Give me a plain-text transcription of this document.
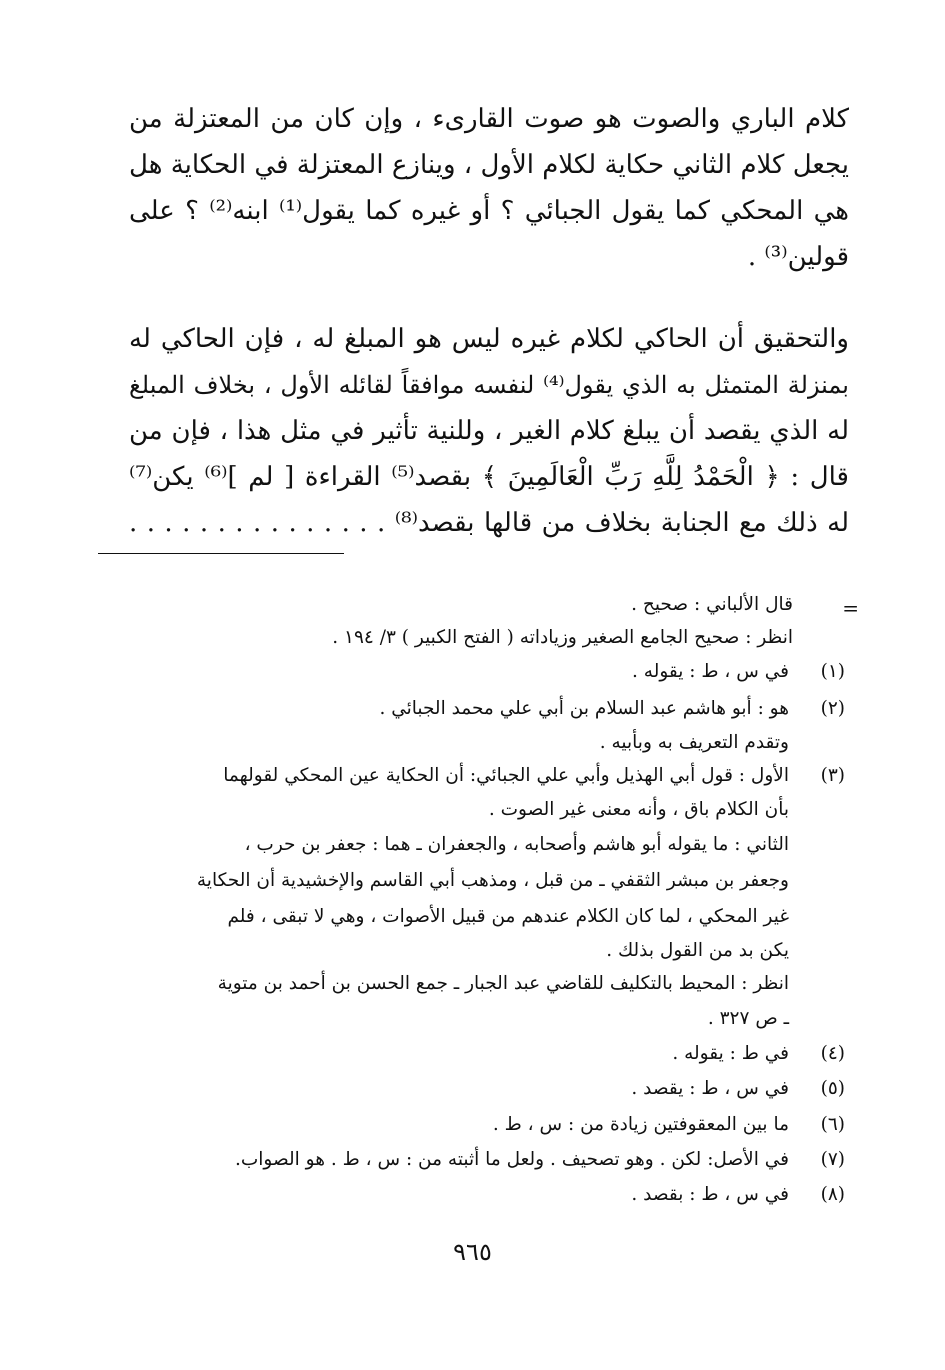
كلام الباري والصوت هو صوت القارىء ، وإن كان من المعتزلة من
يجعل كلام الثاني حكاية لكلام الأول ، وينازع المعتزلة في الحكاية هل
هي المحكي كما يقول الجبائي ؟ أو غيره كما يقول⁽¹⁾ ابنه⁽²⁾ ؟ على
قولين⁽³⁾ .
والتحقيق أن الحاكي لكلام غيره ليس هو المبلغ له ، فإن الحاكي له
بمنزلة المتمثل به الذي يقول⁽⁴⁾ لنفسه موافقاً لقائله الأول ، بخلاف المبلغ
له الذي يقصد أن يبلغ كلام الغير ، وللنية تأثير في مثل هذا ، فإن من
قال : ﴿ الْحَمْدُ لِلَّهِ رَبِّ الْعَالَمِينَ ﴾ بقصد⁽⁵⁾ القراءة [ لم ]⁽⁶⁾ يكن⁽⁷⁾
له ذلك مع الجنابة بخلاف من قالها بقصد⁽⁸⁾ . . . . . . . . . . . . . . .
=
قال الألباني : صحيح .
انظر : صحيح الجامع الصغير وزياداته ( الفتح الكبير ) ٣/ ١٩٤ .
(١)
في س ، ط : يقوله .
(٢)
هو : أبو هاشم عبد السلام بن أبي علي محمد الجبائي .
وتقدم التعريف به وبأبيه .
(٣)
الأول : قول أبي الهذيل وأبي علي الجبائي: أن الحكاية عين المحكي لقولهما
بأن الكلام باق ، وأنه معنى غير الصوت .
الثاني : ما يقوله أبو هاشم وأصحابه ، والجعفران ـ هما : جعفر بن حرب ،
وجعفر بن مبشر الثقفي ـ من قبل ، ومذهب أبي القاسم والإخشيدية أن الحكاية
غير المحكي ، لما كان الكلام عندهم من قبيل الأصوات ، وهي لا تبقى ، فلم
يكن بد من القول بذلك .
انظر : المحيط بالتكليف للقاضي عبد الجبار ـ جمع الحسن بن أحمد بن متوية
ـ ص ٣٢٧ .
(٤)
في ط : يقوله .
(٥)
في س ، ط : يقصد .
(٦)
ما بين المعقوفتين زيادة من : س ، ط .
(٧)
في الأصل: لكن . وهو تصحيف . ولعل ما أثبته من : س ، ط . هو الصواب.
(٨)
في س ، ط : بقصد .
٩٦٥
